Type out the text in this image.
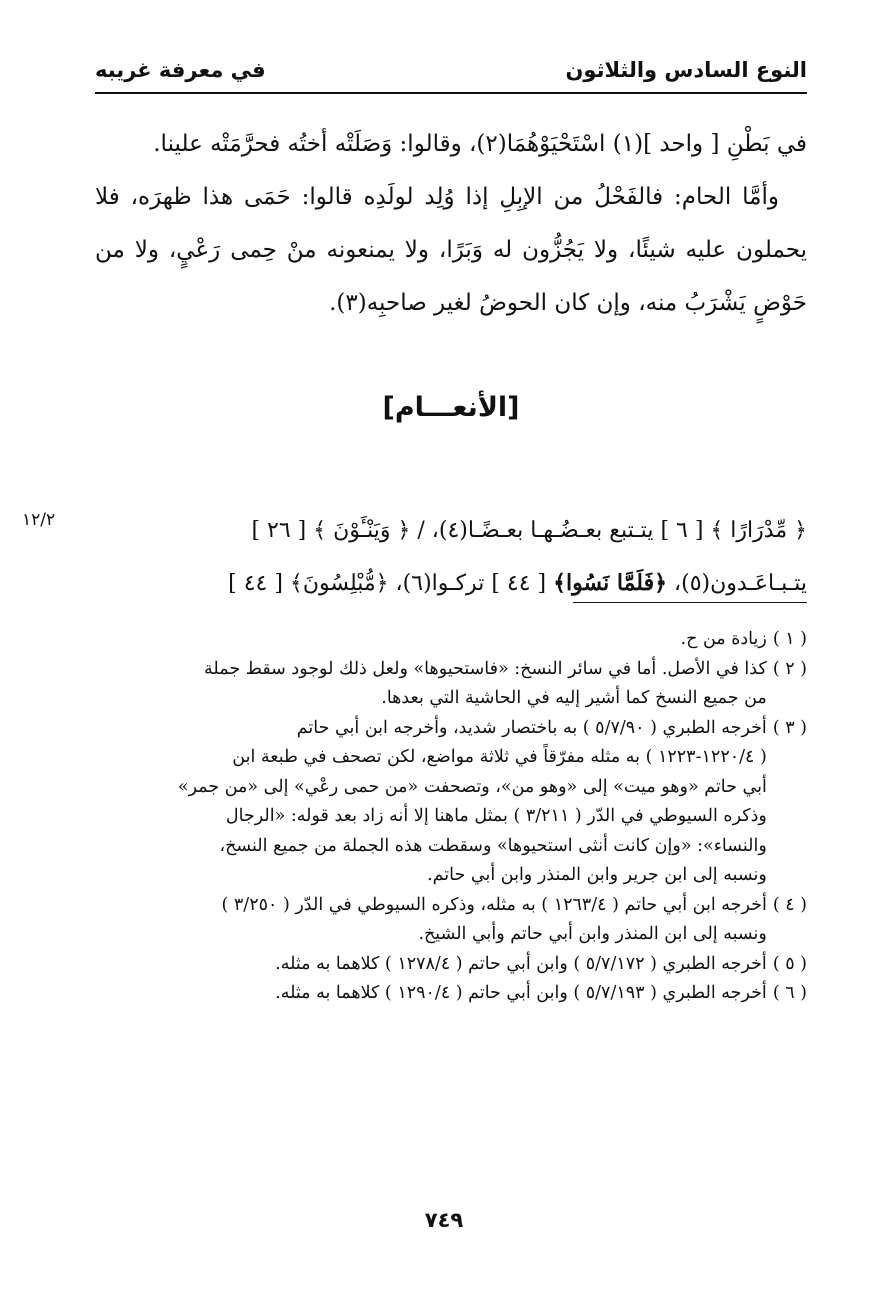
النوع السادس والثلاثون
في معرفة غريبه

في بَطْنِ [ واحد ](١) اسْتَحْيَوْهُمَا(٢)، وقالوا: وَصَلَتْه أختُه فحرَّمَتْه علينا.

وأمَّا الحام: فالفَحْلُ من الإبِلِ إذا وُلِد لولَدِه قالوا: حَمَى هذا ظهرَه، فلا يحملون عليه شيئًا، ولا يَجُزُّون له وَبَرًا، ولا يمنعونه منْ حِمى رَعْيٍ، ولا من حَوْضٍ يَشْرَبُ منه، وإن كان الحوضُ لغير صاحبِه(٣).

[الأنعـــام]
١٢/٢	﴿ مِّدْرَارًا ﴾ [ ٦ ] يتـتبع بعـضُـهـا بعـضًـا(٤)، / ﴿ وَيَنْـَٔوْنَ ﴾ [ ٢٦ ]
يتـبـاعَـدون(٥)، ﴿فَلَمَّا نَسُوا﴾ [ ٤٤ ] تركـوا(٦)، ﴿مُّبْلِسُونَ﴾ [ ٤٤ ]
( ١ )

زيادة من ح.

( ٢ )

كذا في الأصل. أما في سائر النسخ: «فاستحيوها» ولعل ذلك لوجود سقط جملة

من جميع النسخ كما أشير إليه في الحاشية التي بعدها.

( ٣ )

أخرجه الطبري ( ٥/٧/٩٠ ) به باختصار شديد، وأخرجه ابن أبي حاتم

( ١٢٢٠/٤-١٢٢٣ ) به مثله مفرّقاً في ثلاثة مواضع، لكن تصحف في طبعة ابن

أبي حاتم «وهو ميت» إلى «وهو من»، وتصحفت «من حمى رعْي» إلى «من جمر»

وذكره السيوطي في الدّر ( ٣/٢١١ ) بمثل ماهنا إلا أنه زاد بعد قوله: «الرجال

والنساء»: «وإن كانت أنثى استحيوها» وسقطت هذه الجملة من جميع النسخ،

ونسبه إلى ابن جرير وابن المنذر وابن أبي حاتم.

( ٤ )

أخرجه ابن أبي حاتم ( ١٢٦٣/٤ ) به مثله، وذكره السيوطي في الدّر ( ٣/٢٥٠ )

ونسبه إلى ابن المنذر وابن أبي حاتم وأبي الشيخ.

( ٥ )

أخرجه الطبري ( ٥/٧/١٧٢ ) وابن أبي حاتم ( ١٢٧٨/٤ ) كلاهما به مثله.

( ٦ )

أخرجه الطبري ( ٥/٧/١٩٣ ) وابن أبي حاتم ( ١٢٩٠/٤ ) كلاهما به مثله.

٧٤٩
